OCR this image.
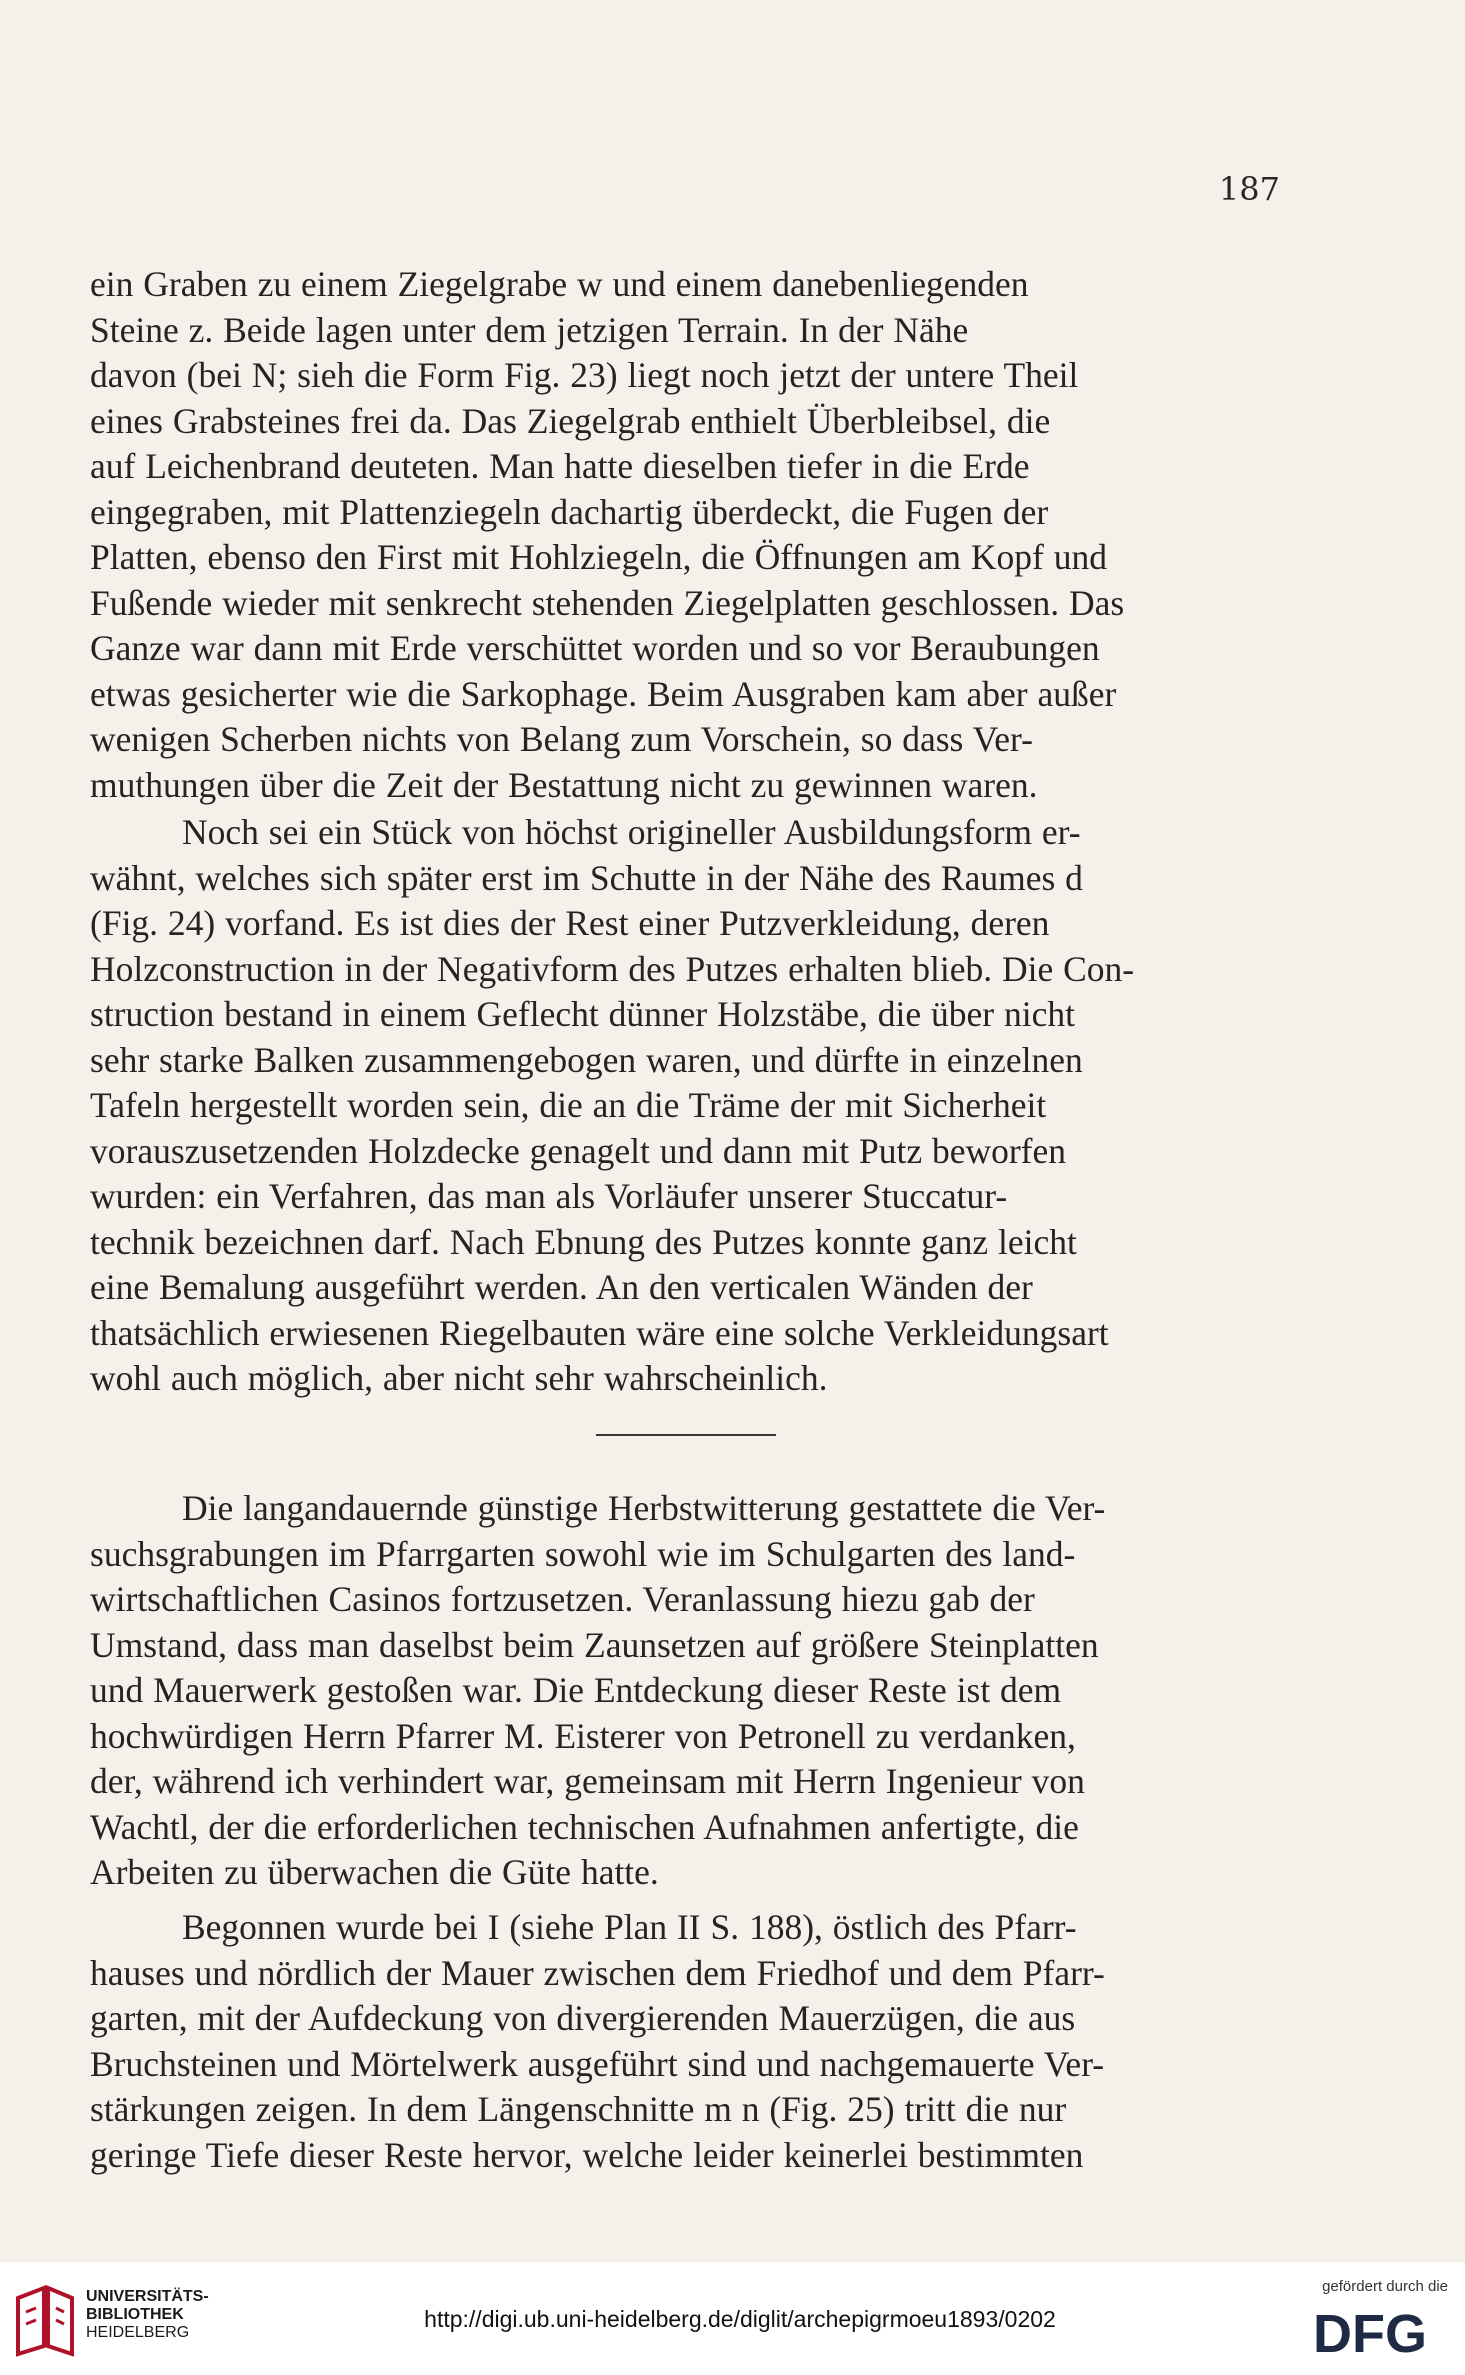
187
ein Graben zu einem Ziegelgrabe w und einem danebenliegenden
Steine z. Beide lagen unter dem jetzigen Terrain. In der Nähe
davon (bei N; sieh die Form Fig. 23) liegt noch jetzt der untere Theil
eines Grabsteines frei da. Das Ziegelgrab enthielt Überbleibsel, die
auf Leichenbrand deuteten. Man hatte dieselben tiefer in die Erde
eingegraben, mit Plattenziegeln dachartig überdeckt, die Fugen der
Platten, ebenso den First mit Hohlziegeln, die Öffnungen am Kopf und
Fußende wieder mit senkrecht stehenden Ziegelplatten geschlossen. Das
Ganze war dann mit Erde verschüttet worden und so vor Beraubungen
etwas gesicherter wie die Sarkophage. Beim Ausgraben kam aber außer
wenigen Scherben nichts von Belang zum Vorschein, so dass Ver-
muthungen über die Zeit der Bestattung nicht zu gewinnen waren.
Noch sei ein Stück von höchst origineller Ausbildungsform er-
wähnt, welches sich später erst im Schutte in der Nähe des Raumes d
(Fig. 24) vorfand. Es ist dies der Rest einer Putzverkleidung, deren
Holzconstruction in der Negativform des Putzes erhalten blieb. Die Con-
struction bestand in einem Geflecht dünner Holzstäbe, die über nicht
sehr starke Balken zusammengebogen waren, und dürfte in einzelnen
Tafeln hergestellt worden sein, die an die Träme der mit Sicherheit
vorauszusetzenden Holzdecke genagelt und dann mit Putz beworfen
wurden: ein Verfahren, das man als Vorläufer unserer Stuccatur-
technik bezeichnen darf. Nach Ebnung des Putzes konnte ganz leicht
eine Bemalung ausgeführt werden. An den verticalen Wänden der
thatsächlich erwiesenen Riegelbauten wäre eine solche Verkleidungsart
wohl auch möglich, aber nicht sehr wahrscheinlich.
Die langandauernde günstige Herbstwitterung gestattete die Ver-
suchsgrabungen im Pfarrgarten sowohl wie im Schulgarten des land-
wirtschaftlichen Casinos fortzusetzen. Veranlassung hiezu gab der
Umstand, dass man daselbst beim Zaunsetzen auf größere Steinplatten
und Mauerwerk gestoßen war. Die Entdeckung dieser Reste ist dem
hochwürdigen Herrn Pfarrer M. Eisterer von Petronell zu verdanken,
der, während ich verhindert war, gemeinsam mit Herrn Ingenieur von
Wachtl, der die erforderlichen technischen Aufnahmen anfertigte, die
Arbeiten zu überwachen die Güte hatte.
Begonnen wurde bei I (siehe Plan II S. 188), östlich des Pfarr-
hauses und nördlich der Mauer zwischen dem Friedhof und dem Pfarr-
garten, mit der Aufdeckung von divergierenden Mauerzügen, die aus
Bruchsteinen und Mörtelwerk ausgeführt sind und nachgemauerte Ver-
stärkungen zeigen. In dem Längenschnitte m n (Fig. 25) tritt die nur
geringe Tiefe dieser Reste hervor, welche leider keinerlei bestimmten
UNIVERSITÄTS-
BIBLIOTHEK
HEIDELBERG
http://digi.ub.uni-heidelberg.de/diglit/archepigrmoeu1893/0202
gefördert durch die
DFG
